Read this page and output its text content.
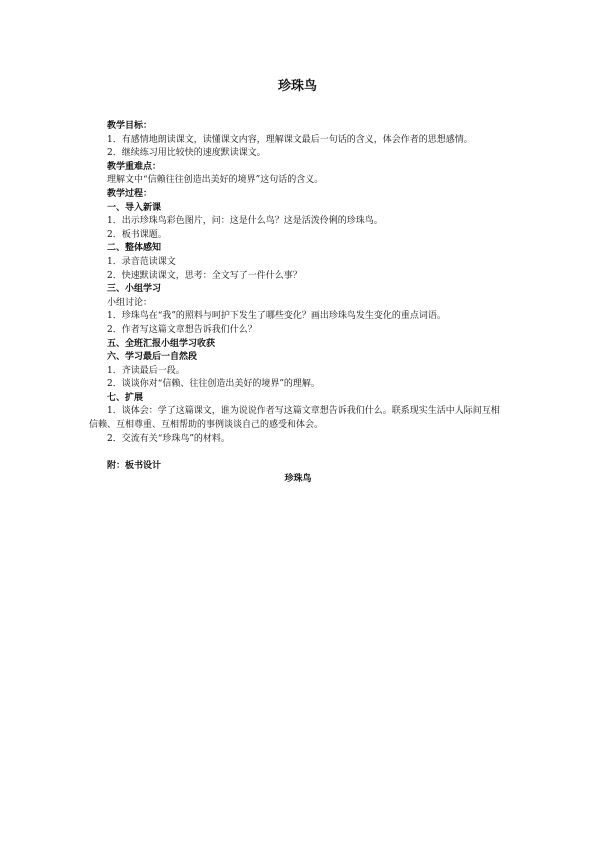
珍珠鸟

教学目标：

1．有感情地朗读课文，读懂课文内容，理解课文最后一句话的含义，体会作者的思想感情。

2．继续练习用比较快的速度默读课文。

教学重难点：

理解文中“信赖往往创造出美好的境界”这句话的含义。

教学过程：

一、导入新课

1．出示珍珠鸟彩色图片，问：这是什么鸟？这是活泼伶俐的珍珠鸟。

2．板书课题。

二、整体感知

1．录音范读课文

2．快速默读课文，思考：全文写了一件什么事？

三、小组学习

小组讨论：

1．珍珠鸟在“我”的照料与呵护下发生了哪些变化？画出珍珠鸟发生变化的重点词语。

2．作者写这篇文章想告诉我们什么？

五、全班汇报小组学习收获

六、学习最后一自然段

1．齐读最后一段。

2．谈谈你对“信赖、往往创造出美好的境界”的理解。

七、扩展

1．谈体会：学了这篇课文，谁为说说作者写这篇文章想告诉我们什么。联系现实生活中人际间互相信赖、互相尊重、互相帮助的事例谈谈自己的感受和体会。

2．交流有关“珍珠鸟”的材料。

附：板书设计

珍珠鸟
